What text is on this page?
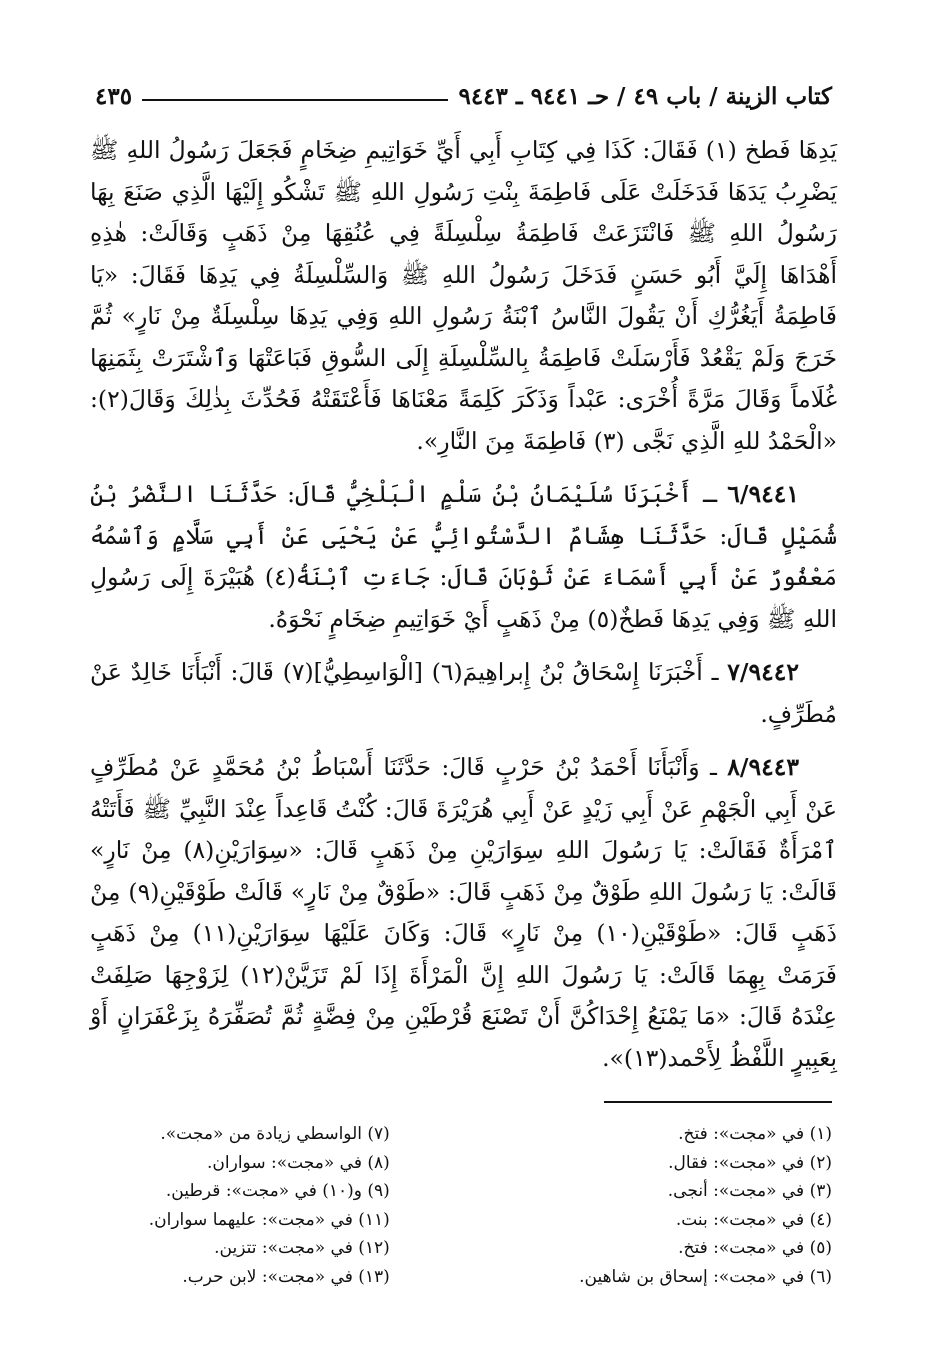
كتاب الزينة / باب ٤٩ / حـ ٩٤٤١ ـ ٩٤٤٣
٤٣٥

يَدِهَا فَطخ (١) فَقَالَ: كَذَا فِي كِتَابِ أَبِي أَيِّ خَوَاتِيمِ ضِخَامٍ فَجَعَلَ رَسُولُ اللهِ ﷺ يَضْرِبُ يَدَهَا فَدَخَلَتْ عَلَى فَاطِمَةَ بِنْتِ رَسُولِ اللهِ ﷺ تَشْكُو إِلَيْهَا الَّذِي صَنَعَ بِهَا رَسُولُ اللهِ ﷺ فَانْتَزَعَتْ فَاطِمَةُ سِلْسِلَةً فِي عُنُقِهَا مِنْ ذَهَبٍ وَقَالَتْ: هٰذِهِ أَهْدَاهَا إِلَيَّ أَبُو حَسَنٍ فَدَخَلَ رَسُولُ اللهِ ﷺ وَالسِّلْسِلَةُ فِي يَدِهَا فَقَالَ: «يَا فَاطِمَةُ أَيَغُرُّكِ أَنْ يَقُولَ النَّاسُ ٱبْنَةُ رَسُولِ اللهِ وَفِي يَدِهَا سِلْسِلَةٌ مِنْ نَارٍ» ثُمَّ خَرَجَ وَلَمْ يَقْعُدْ فَأَرْسَلَتْ فَاطِمَةُ بِالسِّلْسِلَةِ إِلَى السُّوقِ فَبَاعَتْهَا وَٱشْتَرَتْ بِثَمَنِهَا غُلَاماً وَقَالَ مَرَّةً أُخْرَى: عَبْداً وَذَكَرَ كَلِمَةً مَعْنَاهَا فَأَعْتَقَتْهُ فَحُدِّثَ بِذٰلِكَ وَقَالَ(٢): «الْحَمْدُ للهِ الَّذِي نَجَّى (٣) فَاطِمَةَ مِنَ النَّارِ».

٦/٩٤٤١ ـ أَخْبَرَنَا سُلَيْمَانُ بْنُ سَلْمٍ الْبَلْخِيُّ قَالَ: حَدَّثَنَا النَّضْرُ بْنُ شُمَيْلٍ قَالَ: حَدَّثَنَا هِشَامٌ الدَّسْتُوائِيُّ عَنْ يَحْيَى عَنْ أَبِي سَلَّامٍ وَٱسْمُهُ مَعْفُورٌ عَنْ أَبِي أَسْمَاءَ عَنْ ثَوْبَانَ قَالَ: جَاءَتِ ٱبْنَةُ(٤) هُبَيْرَةَ إِلَى رَسُولِ اللهِ ﷺ وَفِي يَدِهَا فَطخٌ(٥) مِنْ ذَهَبٍ أَيْ خَوَاتِيمِ ضِخَامٍ نَحْوَهُ.

٧/٩٤٤٢ ـ أَخْبَرَنَا إِسْحَاقُ بْنُ إِبراهِيمَ(٦) [الْوَاسِطِيُّ](٧) قَالَ: أَنْبَأَنَا خَالِدٌ عَنْ مُطَرِّفٍ.

٨/٩٤٤٣ ـ وَأَنْبَأَنَا أَحْمَدُ بْنُ حَرْبٍ قَالَ: حَدَّثَنَا أَسْبَاطُ بْنُ مُحَمَّدٍ عَنْ مُطَرِّفٍ عَنْ أَبِي الْجَهْمِ عَنْ أَبِي زَيْدٍ عَنْ أَبِي هُرَيْرَةَ قَالَ: كُنْتُ قَاعِداً عِنْدَ النَّبِيِّ ﷺ فَأَتَتْهُ ٱمْرَأَةٌ فَقَالَتْ: يَا رَسُولَ اللهِ سِوَارَيْنِ مِنْ ذَهَبٍ قَالَ: «سِوَارَيْنِ(٨) مِنْ نَارٍ» قَالَتْ: يَا رَسُولَ اللهِ طَوْقٌ مِنْ ذَهَبٍ قَالَ: «طَوْقٌ مِنْ نَارٍ» قَالَتْ طَوْقَيْنِ(٩) مِنْ ذَهَبٍ قَالَ: «طَوْقَيْنِ(١٠) مِنْ نَارٍ» قَالَ: وَكَانَ عَلَيْهَا سِوَارَيْنِ(١١) مِنْ ذَهَبٍ فَرَمَتْ بِهِمَا قَالَتْ: يَا رَسُولَ اللهِ إِنَّ الْمَرْأَةَ إِذَا لَمْ تَزَيَّنْ(١٢) لِزَوْجِهَا صَلِفَتْ عِنْدَهُ قَالَ: «مَا يَمْنَعُ إِحْدَاكُنَّ أَنْ تَصْنَعَ قُرْطَيْنِ مِنْ فِضَّةٍ ثُمَّ تُصَفِّرَهُ بِزَعْفَرَانٍ أَوْ بِعَبِيرٍ اللَّفْظُ لِأَحْمد(١٣)».

(١) في «مجت»: فتخ.
(٢) في «مجت»: فقال.
(٣) في «مجت»: أنجى.
(٤) في «مجت»: بنت.
(٥) في «مجت»: فتخ.
(٦) في «مجت»: إسحاق بن شاهين.
(٧) الواسطي زيادة من «مجت».
(٨) في «مجت»: سواران.
(٩) و(١٠) في «مجت»: قرطين.
(١١) في «مجت»: عليهما سواران.
(١٢) في «مجت»: تتزين.
(١٣) في «مجت»: لابن حرب.
